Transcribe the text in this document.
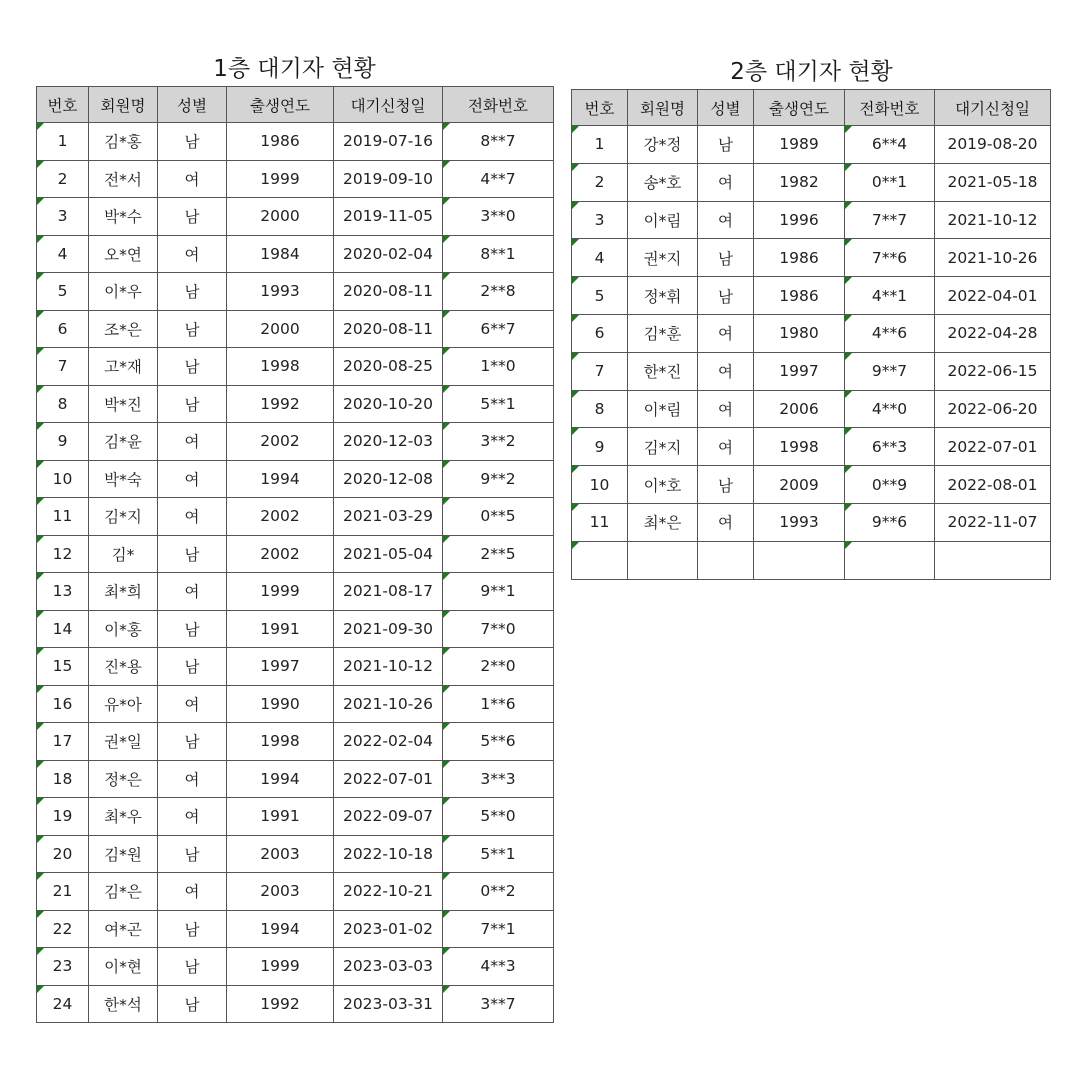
1층 대기자 현황
번호	회원명	성별	출생연도	대기신청일	전화번호
1	김*홍	남	1986	2019-07-16	8**7
2	전*서	여	1999	2019-09-10	4**7
3	박*수	남	2000	2019-11-05	3**0
4	오*연	여	1984	2020-02-04	8**1
5	이*우	남	1993	2020-08-11	2**8
6	조*은	남	2000	2020-08-11	6**7
7	고*재	남	1998	2020-08-25	1**0
8	박*진	남	1992	2020-10-20	5**1
9	김*윤	여	2002	2020-12-03	3**2
10	박*숙	여	1994	2020-12-08	9**2
11	김*지	여	2002	2021-03-29	0**5
12	김*	남	2002	2021-05-04	2**5
13	최*희	여	1999	2021-08-17	9**1
14	이*홍	남	1991	2021-09-30	7**0
15	진*용	남	1997	2021-10-12	2**0
16	유*아	여	1990	2021-10-26	1**6
17	권*일	남	1998	2022-02-04	5**6
18	정*은	여	1994	2022-07-01	3**3
19	최*우	여	1991	2022-09-07	5**0
20	김*원	남	2003	2022-10-18	5**1
21	김*은	여	2003	2022-10-21	0**2
22	여*곤	남	1994	2023-01-02	7**1
23	이*현	남	1999	2023-03-03	4**3
24	한*석	남	1992	2023-03-31	3**7
2층 대기자 현황
번호	회원명	성별	출생연도	전화번호	대기신청일
1	강*정	남	1989	6**4	2019-08-20
2	송*호	여	1982	0**1	2021-05-18
3	이*림	여	1996	7**7	2021-10-12
4	권*지	남	1986	7**6	2021-10-26
5	정*휘	남	1986	4**1	2022-04-01
6	김*훈	여	1980	4**6	2022-04-28
7	한*진	여	1997	9**7	2022-06-15
8	이*림	여	2006	4**0	2022-06-20
9	김*지	여	1998	6**3	2022-07-01
10	이*호	남	2009	0**9	2022-08-01
11	최*은	여	1993	9**6	2022-11-07
